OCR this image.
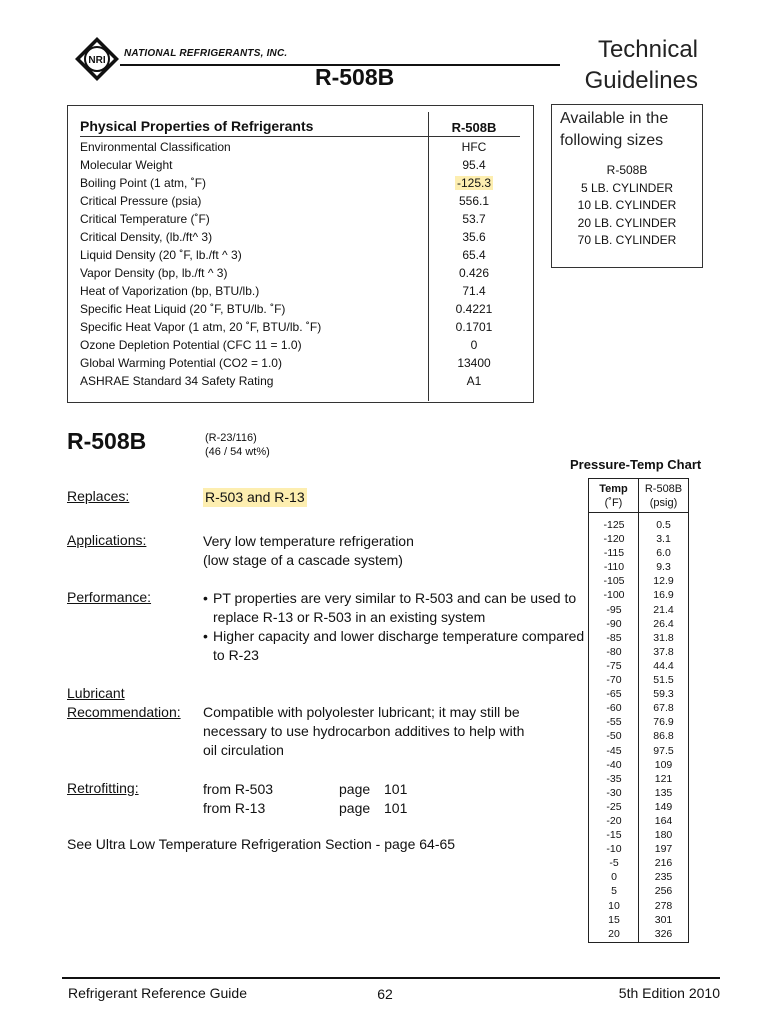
NRI
NATIONAL REFRIGERANTS, INC.
R-508B
Technical
Guidelines
Physical Properties of Refrigerants	R-508B
Environmental Classification	HFC
Molecular Weight	95.4
Boiling Point (1 atm, ˚F)	-125.3
Critical Pressure (psia)	556.1
Critical Temperature (˚F)	53.7
Critical Density, (lb./ft^ 3)	35.6
Liquid Density (20 ˚F, lb./ft ^ 3)	65.4
Vapor Density (bp, lb./ft ^ 3)	0.426
Heat of Vaporization (bp, BTU/lb.)	71.4
Specific Heat Liquid (20 ˚F, BTU/lb. ˚F)	0.4221
Specific Heat Vapor (1 atm, 20 ˚F, BTU/lb. ˚F)	0.1701
Ozone Depletion Potential (CFC 11 = 1.0)	0
Global Warming Potential (CO2 = 1.0)	13400
ASHRAE Standard 34 Safety Rating	A1
Available in the following sizes
R-508B
5 LB. CYLINDER
10 LB. CYLINDER
20 LB. CYLINDER
70 LB. CYLINDER
R-508B	(R-23/116)
(46 / 54 wt%)
Replaces:	R-503 and R-13
Applications:	Very low temperature refrigeration
(low stage of a cascade system)
Performance:	• PT properties are very similar to R-503 and can be used to replace R-13 or R-503 in an existing system
• Higher capacity and lower discharge temperature compared to R-23
Lubricant
Recommendation: Compatible with polyolester lubricant; it may still be
necessary to use hydrocarbon additives to help with
oil circulation
Retrofitting:	from R-503	page 101
from R-13	page 101
See Ultra Low Temperature Refrigeration Section - page 64-65
Pressure-Temp Chart
Temp
(˚F)
R-508B
(psig)
-125	0.5
-120	3.1
-115	6.0
-110	9.3
-105	12.9
-100	16.9
-95	21.4
-90	26.4
-85	31.8
-80	37.8
-75	44.4
-70	51.5
-65	59.3
-60	67.8
-55	76.9
-50	86.8
-45	97.5
-40	109
-35	121
-30	135
-25	149
-20	164
-15	180
-10	197
-5	216
0	235
5	256
10	278
15	301
20	326
Refrigerant Reference Guide	62	5th Edition 2010
